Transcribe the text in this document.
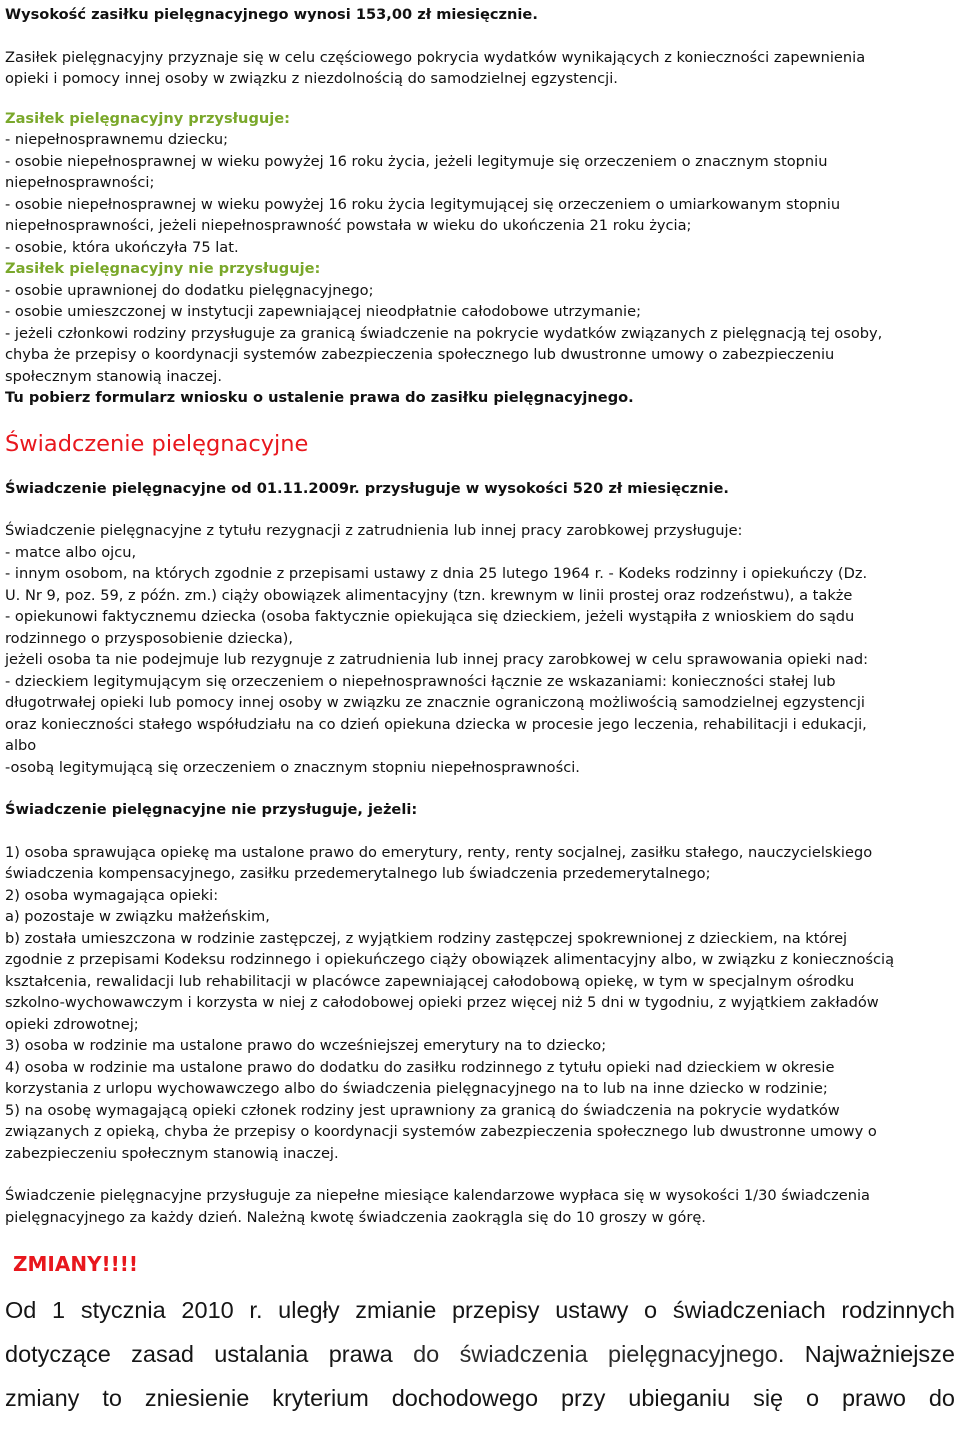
Wysokość zasiłku pielęgnacyjnego wynosi 153,00 zł miesięcznie.
Zasiłek pielęgnacyjny przyznaje się w celu częściowego pokrycia wydatków wynikających z konieczności zapewnienia
opieki i pomocy innej osoby w związku z niezdolnością do samodzielnej egzystencji.
Zasiłek pielęgnacyjny przysługuje:
- niepełnosprawnemu dziecku;
- osobie niepełnosprawnej w wieku powyżej 16 roku życia, jeżeli legitymuje się orzeczeniem o znacznym stopniu
niepełnosprawności;
- osobie niepełnosprawnej w wieku powyżej 16 roku życia legitymującej się orzeczeniem o umiarkowanym stopniu
niepełnosprawności, jeżeli niepełnosprawność powstała w wieku do ukończenia 21 roku życia;
- osobie, która ukończyła 75 lat.
Zasiłek pielęgnacyjny nie przysługuje:
- osobie uprawnionej do dodatku pielęgnacyjnego;
- osobie umieszczonej w instytucji zapewniającej nieodpłatnie całodobowe utrzymanie;
- jeżeli członkowi rodziny przysługuje za granicą świadczenie na pokrycie wydatków związanych z pielęgnacją tej osoby,
chyba że przepisy o koordynacji systemów zabezpieczenia społecznego lub dwustronne umowy o zabezpieczeniu
społecznym stanowią inaczej.
Tu pobierz formularz wniosku o ustalenie prawa do zasiłku pielęgnacyjnego.
Świadczenie pielęgnacyjne
Świadczenie pielęgnacyjne od 01.11.2009r. przysługuje w wysokości 520 zł miesięcznie.
Świadczenie pielęgnacyjne z tytułu rezygnacji z zatrudnienia lub innej pracy zarobkowej przysługuje:
- matce albo ojcu,
- innym osobom, na których zgodnie z przepisami ustawy z dnia 25 lutego 1964 r. - Kodeks rodzinny i opiekuńczy (Dz.
U. Nr 9, poz. 59, z późn. zm.) ciąży obowiązek alimentacyjny (tzn. krewnym w linii prostej oraz rodzeństwu), a także
- opiekunowi faktycznemu dziecka (osoba faktycznie opiekująca się dzieckiem, jeżeli wystąpiła z wnioskiem do sądu
rodzinnego o przysposobienie dziecka),
jeżeli osoba ta nie podejmuje lub rezygnuje z zatrudnienia lub innej pracy zarobkowej w celu sprawowania opieki nad:
- dzieckiem legitymującym się orzeczeniem o niepełnosprawności łącznie ze wskazaniami: konieczności stałej lub
długotrwałej opieki lub pomocy innej osoby w związku ze znacznie ograniczoną możliwością samodzielnej egzystencji
oraz konieczności stałego współudziału na co dzień opiekuna dziecka w procesie jego leczenia, rehabilitacji i edukacji,
albo
-osobą legitymującą się orzeczeniem o znacznym stopniu niepełnosprawności.
Świadczenie pielęgnacyjne nie przysługuje, jeżeli:
1) osoba sprawująca opiekę ma ustalone prawo do emerytury, renty, renty socjalnej, zasiłku stałego, nauczycielskiego
świadczenia kompensacyjnego, zasiłku przedemerytalnego lub świadczenia przedemerytalnego;
2) osoba wymagająca opieki:
a) pozostaje w związku małżeńskim,
b) została umieszczona w rodzinie zastępczej, z wyjątkiem rodziny zastępczej spokrewnionej z dzieckiem, na której
zgodnie z przepisami Kodeksu rodzinnego i opiekuńczego ciąży obowiązek alimentacyjny albo, w związku z koniecznością
kształcenia, rewalidacji lub rehabilitacji w placówce zapewniającej całodobową opiekę, w tym w specjalnym ośrodku
szkolno-wychowawczym i korzysta w niej z całodobowej opieki przez więcej niż 5 dni w tygodniu, z wyjątkiem zakładów
opieki zdrowotnej;
3) osoba w rodzinie ma ustalone prawo do wcześniejszej emerytury na to dziecko;
4) osoba w rodzinie ma ustalone prawo do dodatku do zasiłku rodzinnego z tytułu opieki nad dzieckiem w okresie
korzystania z urlopu wychowawczego albo do świadczenia pielęgnacyjnego na to lub na inne dziecko w rodzinie;
5) na osobę wymagającą opieki członek rodziny jest uprawniony za granicą do świadczenia na pokrycie wydatków
związanych z opieką, chyba że przepisy o koordynacji systemów zabezpieczenia społecznego lub dwustronne umowy o
zabezpieczeniu społecznym stanowią inaczej.
Świadczenie pielęgnacyjne przysługuje za niepełne miesiące kalendarzowe wypłaca się w wysokości 1/30 świadczenia
pielęgnacyjnego za każdy dzień. Należną kwotę świadczenia zaokrągla się do 10 groszy w górę.
ZMIANY!!!!
Od 1 stycznia 2010 r. uległy zmianie przepisy ustawy o świadczeniach rodzinnych
dotyczące zasad ustalania prawa do świadczenia pielęgnacyjnego. Najważniejsze
zmiany to zniesienie kryterium dochodowego przy ubieganiu się o prawo do
